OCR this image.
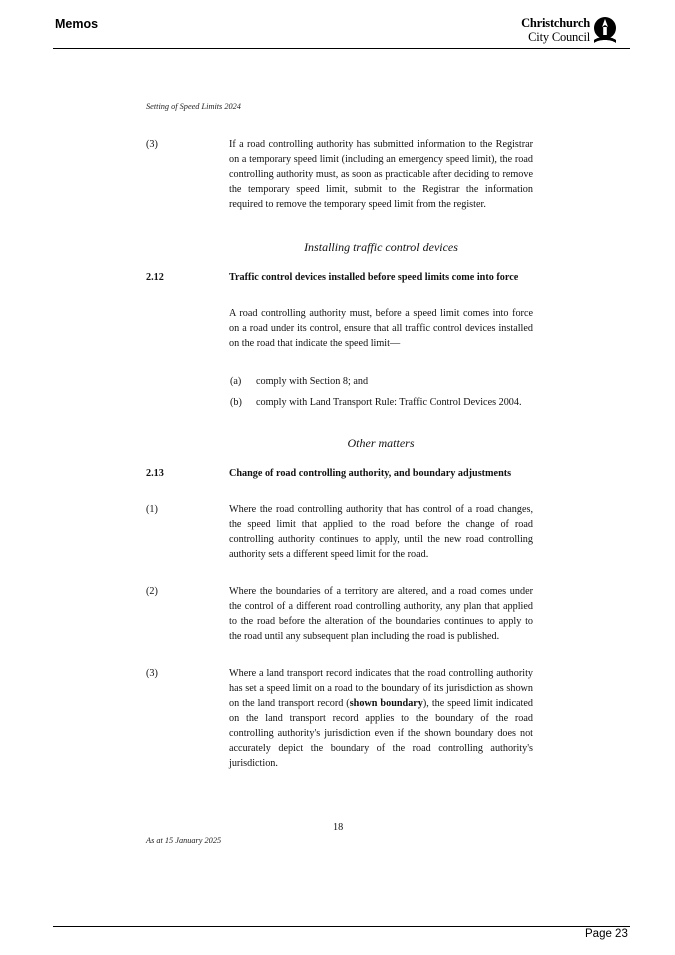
Memos	Christchurch
City Council
Setting of Speed Limits 2024
(3)	If a road controlling authority has submitted information to the Registrar on a temporary speed limit (including an emergency speed limit), the road controlling authority must, as soon as practicable after deciding to remove the temporary speed limit, submit to the Registrar the information required to remove the temporary speed limit from the register.
Installing traffic control devices
2.12	Traffic control devices installed before speed limits come into force
A road controlling authority must, before a speed limit comes into force on a road under its control, ensure that all traffic control devices installed on the road that indicate the speed limit—
(a) comply with Section 8; and
(b) comply with Land Transport Rule: Traffic Control Devices 2004.
Other matters
2.13	Change of road controlling authority, and boundary adjustments
(1)	Where the road controlling authority that has control of a road changes, the speed limit that applied to the road before the change of road controlling authority continues to apply, until the new road controlling authority sets a different speed limit for the road.
(2)	Where the boundaries of a territory are altered, and a road comes under the control of a different road controlling authority, any plan that applied to the road before the alteration of the boundaries continues to apply to the road until any subsequent plan including the road is published.
(3)	Where a land transport record indicates that the road controlling authority has set a speed limit on a road to the boundary of its jurisdiction as shown on the land transport record (shown boundary), the speed limit indicated on the land transport record applies to the boundary of the road controlling authority's jurisdiction even if the shown boundary does not accurately depict the boundary of the road controlling authority's jurisdiction.
18
As at 15 January 2025
Page 23
